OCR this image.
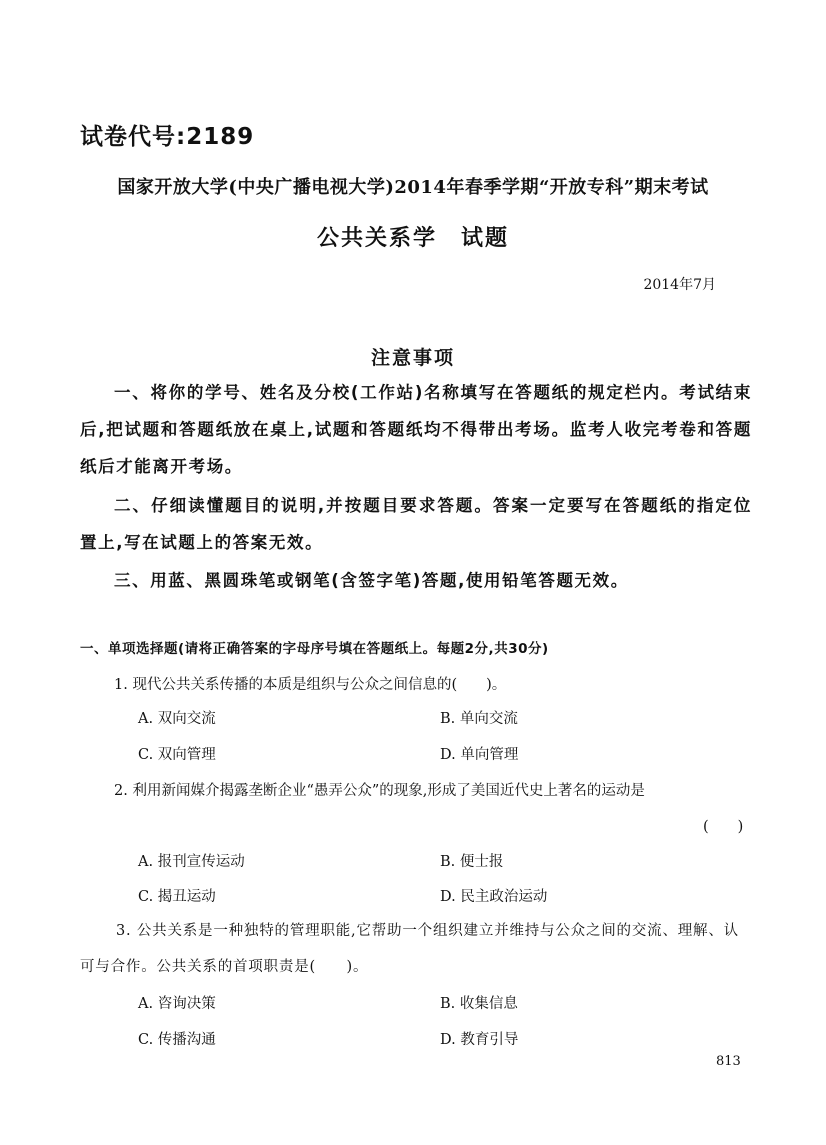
试卷代号:2189
国家开放大学(中央广播电视大学)2014年春季学期“开放专科”期末考试
公共关系学　试题
2014年7月
注意事项

一、将你的学号、姓名及分校(工作站)名称填写在答题纸的规定栏内。考试结束后,把试题和答题纸放在桌上,试题和答题纸均不得带出考场。监考人收完考卷和答题纸后才能离开考场。

二、仔细读懂题目的说明,并按题目要求答题。答案一定要写在答题纸的指定位置上,写在试题上的答案无效。

三、用蓝、黑圆珠笔或钢笔(含签字笔)答题,使用铅笔答题无效。

一、单项选择题(请将正确答案的字母序号填在答题纸上。每题2分,共30分)
1. 现代公共关系传播的本质是组织与公众之间信息的(　　)。
A. 双向交流	B. 单向交流
C. 双向管理	D. 单向管理
2. 利用新闻媒介揭露垄断企业“愚弄公众”的现象,形成了美国近代史上著名的运动是
(　　)
A. 报刊宣传运动	B. 便士报
C. 揭丑运动	D. 民主政治运动

3. 公共关系是一种独特的管理职能,它帮助一个组织建立并维持与公众之间的交流、理解、认可与合作。公共关系的首项职责是(　　)。

A. 咨询决策	B. 收集信息
C. 传播沟通	D. 教育引导
813
